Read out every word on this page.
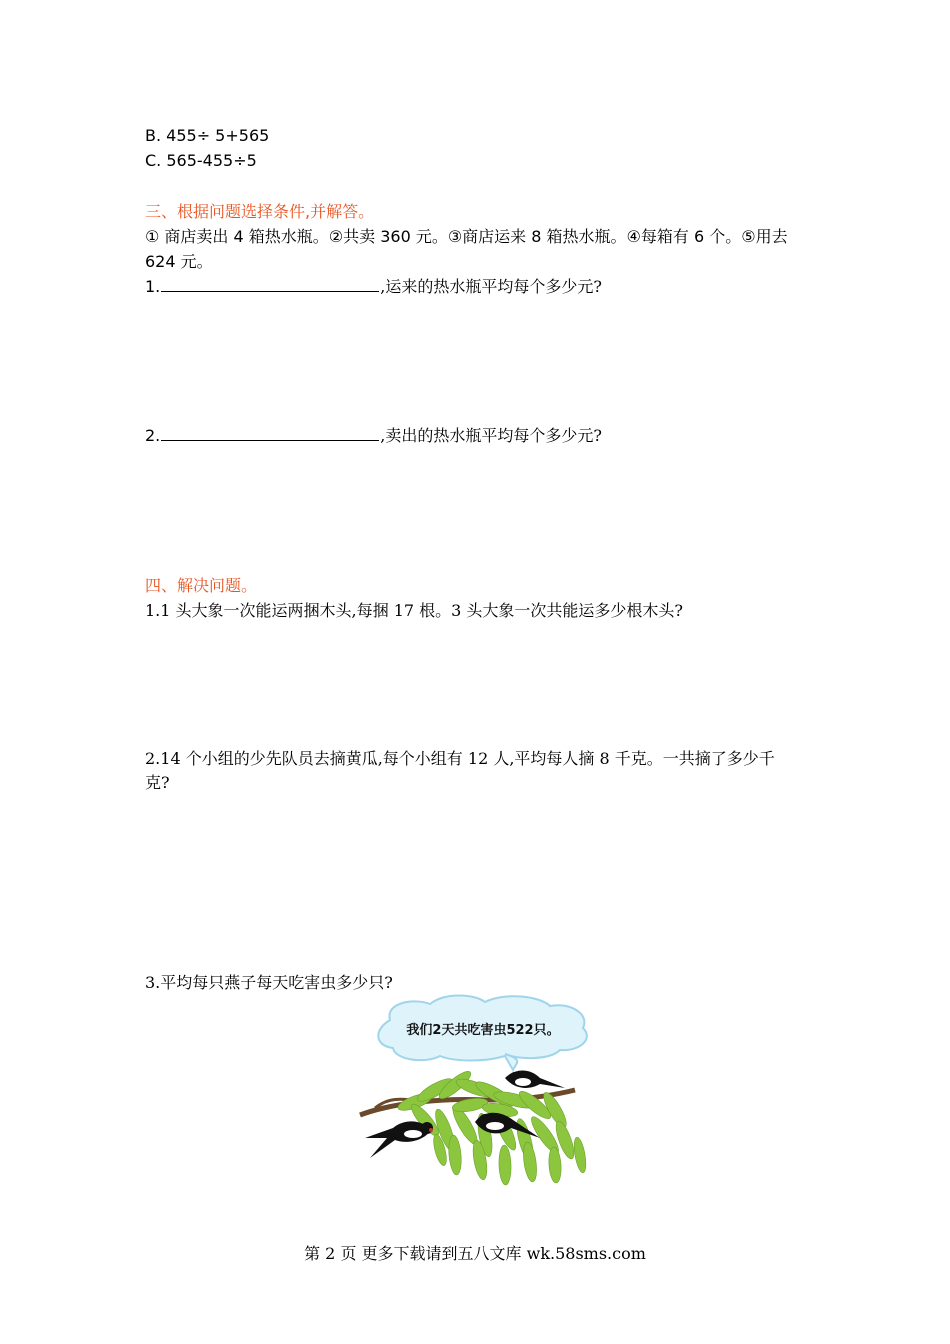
B. 455÷ 5+565
C. 565-455÷5
三、根据问题选择条件,并解答。
① 商店卖出 4 箱热水瓶。②共卖 360 元。③商店运来 8 箱热水瓶。④每箱有 6 个。⑤用去
624 元。
1.	,运来的热水瓶平均每个多少元?
2.	,卖出的热水瓶平均每个多少元?
四、解决问题。
1.1 头大象一次能运两捆木头,每捆 17 根。3 头大象一次共能运多少根木头?
2.14 个小组的少先队员去摘黄瓜,每个小组有 12 人,平均每人摘 8 千克。一共摘了多少千
克?
3.平均每只燕子每天吃害虫多少只?
我们2天共吃害虫522只。
第 2 页 更多下载请到五八文库 wk.58sms.com
